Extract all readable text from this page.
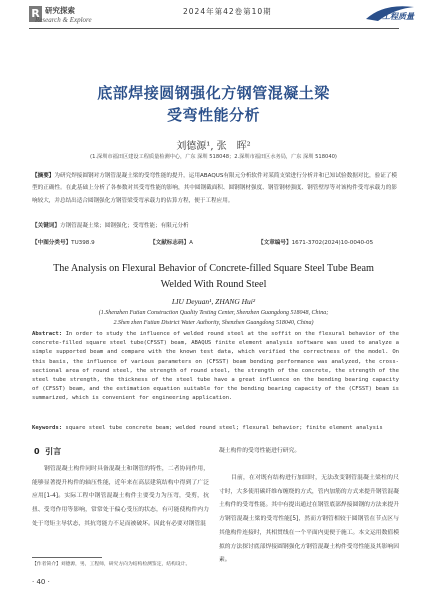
R 研究探索
Research & Explore
2024年第42卷第10期
工程质量
底部焊接圆钢强化方钢管混凝土梁
受弯性能分析
刘德源¹, 张　晖²
(1.深圳市福田区建设工程质量检测中心，广东 深圳 518048；2.深圳市福田区水务局，广东 深圳 518040)
【摘要】为研究焊接圆钢对方钢管混凝土梁的受弯性能的提升，运用ABAQUS有限元分析软件对某简支梁进行分析并和已知试验数据对比，验证了模型的正确性。在此基础上分析了各参数对其受弯性能的影响，其中圆钢截面积、圆钢钢材强度、钢管钢材强度、钢管壁厚等对该构件受弯承载力的影响较大，并总结出适合圆钢强化方钢管梁受弯承载力的估算方程，便于工程应用。
【关键词】方钢管混凝土梁；圆钢强化；受弯性能；有限元分析
【中图分类号】TU398.9	【文献标志码】A	【文章编号】1671-3702(2024)10-0040-05
The Analysis on Flexural Behavior of Concrete-filled Square Steel Tube Beam
Welded With Round Steel
LIU Deyuan¹, ZHANG Hui²
(1.Shenzhen Futian Construction Quality Testing Center, Shenzhen Guangdong 518048, China;
2.Shen zhen Futian District Water Authority, Shenzhen Guangdong 518040, China)
Abstract: In order to study the influence of welded round steel at the soffit on the flexural behavior of the concrete-filled square steel tube(CFSST) beam, ABAQUS finite element analysis software was used to analyze a simple supported beam and compare with the known test data, which verified the correctness of the model. On this basis, the influence of various parameters on (CFSST) beam bending performance was analyzed, the cross-sectional area of round steel, the strength of round steel, the strength of the concrete, the strength of the steel tube strength, the thickness of the steel tube have a great influence on the bending bearing capacity of (CFSST) beam, and the estimation equation suitable for the bending bearing capacity of the (CFSST) beam is summarized, which is convenient for engineering application.
Keywords: square steel tube concrete beam; welded round steel; flexural behavior; finite element analysis
0 引言
钢管混凝土构件同时具备混凝土和钢管的特性，二者协同作用，能够显著提升构件的轴压性能，近年来在高层建筑结构中得到了广泛应用[1-4]。实际工程中钢管混凝土构件主要受力为压弯，受剪，抗扭、受弯作用等影响，常常处于偏心受压的状态，有可能使构件内力处于弯矩主导状态，其抗弯能力不足而被破坏。因此有必要对钢管混
凝土构件的受弯性能进行研究。
目前，在对既有结构进行加固时，无法改变钢管混凝土梁柱的尺寸时，大多使用碳纤维布缠绕的方式，管内加筋的方式来提升钢管混凝土构件的受弯性能。其中有提出通过在钢管底部焊接圆钢的方法来提升方钢管混凝土梁的受弯性能[5]，然而方钢管相较于圆钢管在节点区与其他构件连接时，其相贯线在一个平面内更便于施工。本文运用数值模拟的方法探讨底部焊接圆钢强化方钢管混凝土构件受弯性能及其影响因素。
【作者简介】刘德源，男，工程师，研究方向为结构检测鉴定，结构设计。
· 40 ·
